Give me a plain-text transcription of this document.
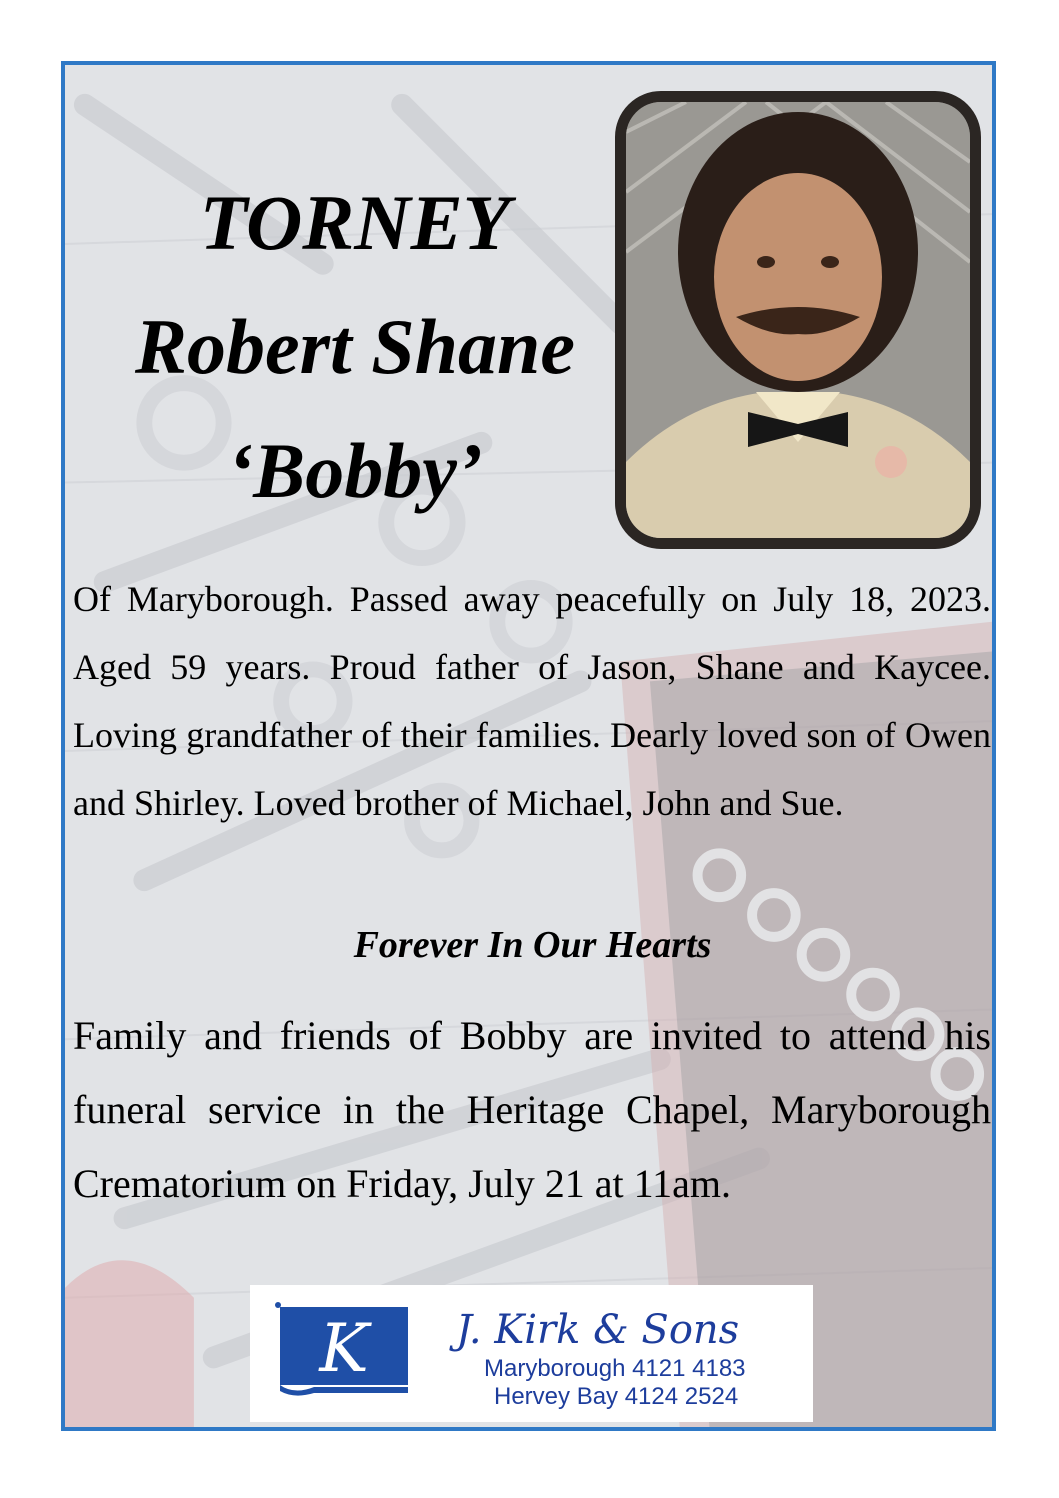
TORNEY
Robert Shane
‘Bobby’
Of Maryborough. Passed away peacefully on July 18, 2023. Aged 59 years. Proud father of Jason, Shane and Kaycee. Loving grandfather of their families. Dearly loved son of Owen and Shirley. Loved brother of Michael, John and Sue.
Forever In Our Hearts
Family and friends of Bobby are invited to attend his funeral service in the Heritage Chapel, Maryborough Crematorium on Friday, July 21 at 11am.
K J. Kirk & Sons
Maryborough 4121 4183
Hervey Bay 4124 2524
